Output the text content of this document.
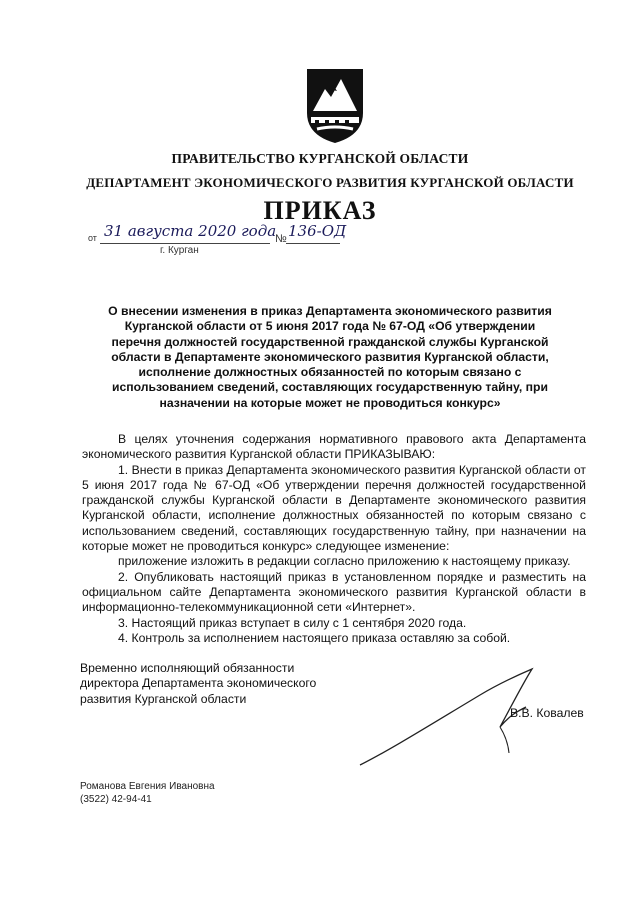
ПРАВИТЕЛЬСТВО КУРГАНСКОЙ ОБЛАСТИ
ДЕПАРТАМЕНТ ЭКОНОМИЧЕСКОГО РАЗВИТИЯ КУРГАНСКОЙ ОБЛАСТИ
ПРИКАЗ
от 31 августа 2020 года
№ 136-ОД
г. Курган
О внесении изменения в приказ Департамента экономического развития Курганской области от 5 июня 2017 года № 67-ОД «Об утверждении перечня должностей государственной гражданской службы Курганской области в Департаменте экономического развития Курганской области, исполнение должностных обязанностей по которым связано с использованием сведений, составляющих государственную тайну, при назначении на которые может не проводиться конкурс»

В целях уточнения содержания нормативного правового акта Департамента экономического развития Курганской области ПРИКАЗЫВАЮ:

1. Внести в приказ Департамента экономического развития Курганской области от 5 июня 2017 года № 67-ОД «Об утверждении перечня должностей государственной гражданской службы Курганской области в Департаменте экономического развития Курганской области, исполнение должностных обязанностей по которым связано с использованием сведений, составляющих государственную тайну, при назначении на которые может не проводиться конкурс» следующее изменение:

приложение изложить в редакции согласно приложению к настоящему приказу.

2. Опубликовать настоящий приказ в установленном порядке и разместить на официальном сайте Департамента экономического развития Курганской области в информационно-телекоммуникационной сети «Интернет».

3. Настоящий приказ вступает в силу с 1 сентября 2020 года.

4. Контроль за исполнением настоящего приказа оставляю за собой.

Временно исполняющий обязанности
директора Департамента экономического
развития Курганской области
В.В. Ковалев
Романова Евгения Ивановна
(3522) 42-94-41
